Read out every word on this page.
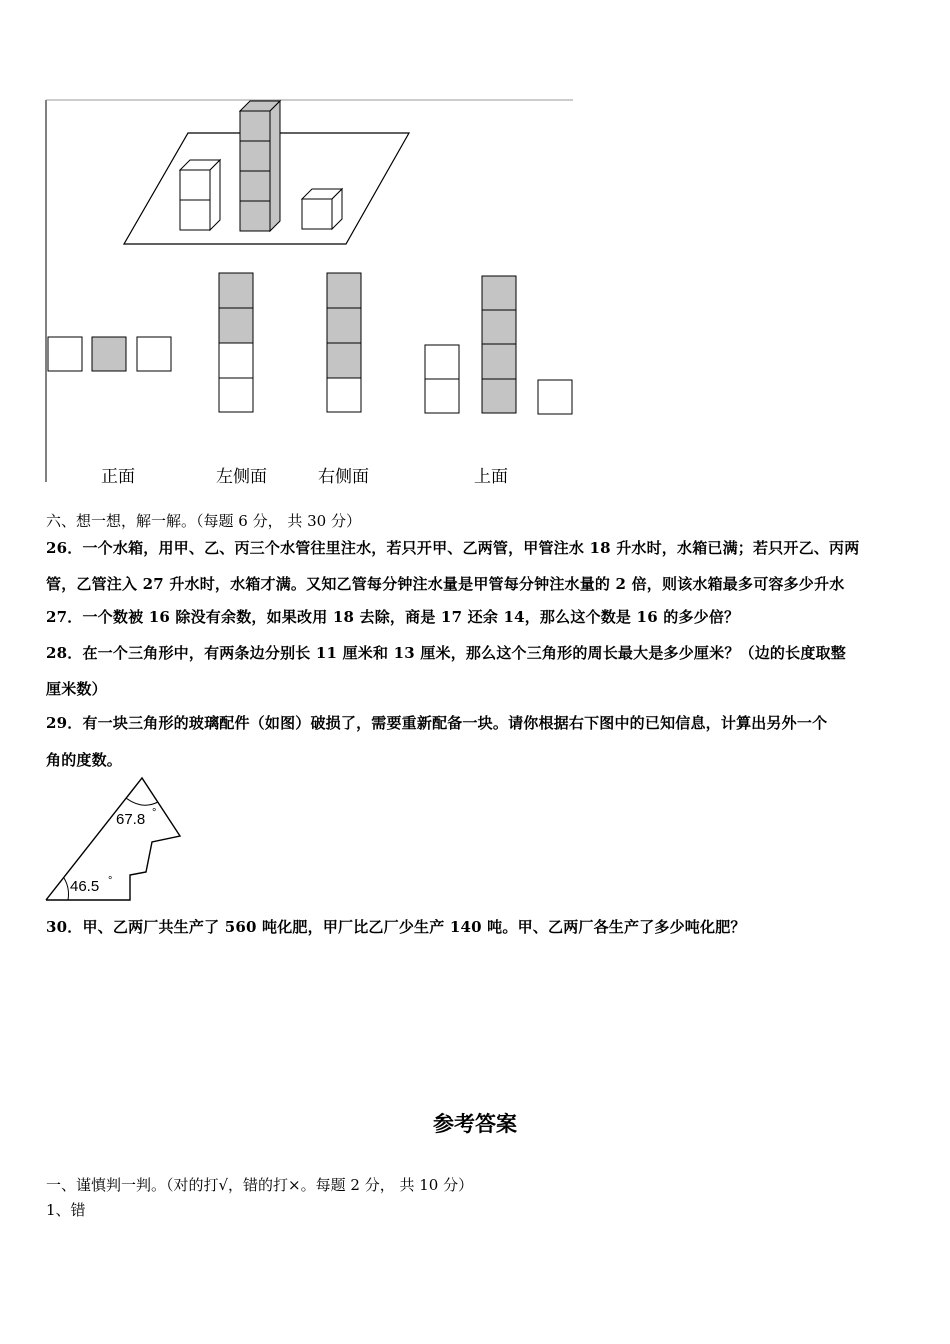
正面	左侧面	右侧面	上面
六、想一想，解一解。（每题 6 分， 共 30 分）
26．一个水箱，用甲、乙、丙三个水管往里注水，若只开甲、乙两管，甲管注水 18 升水时，水箱已满；若只开乙、丙两
管，乙管注入 27 升水时，水箱才满。又知乙管每分钟注水量是甲管每分钟注水量的 2 倍，则该水箱最多可容多少升水
27．一个数被 16 除没有余数，如果改用 18 去除，商是 17 还余 14，那么这个数是 16 的多少倍？
28．在一个三角形中，有两条边分别长 11 厘米和 13 厘米，那么这个三角形的周长最大是多少厘米？（边的长度取整
厘米数）
29．有一块三角形的玻璃配件（如图）破损了，需要重新配备一块。请你根据右下图中的已知信息，计算出另外一个
角的度数。
67.8 °
46.5 °
30．甲、乙两厂共生产了 560 吨化肥，甲厂比乙厂少生产 140 吨。甲、乙两厂各生产了多少吨化肥？
参考答案
一、谨慎判一判。（对的打√，错的打×。每题 2 分， 共 10 分）
1、错
